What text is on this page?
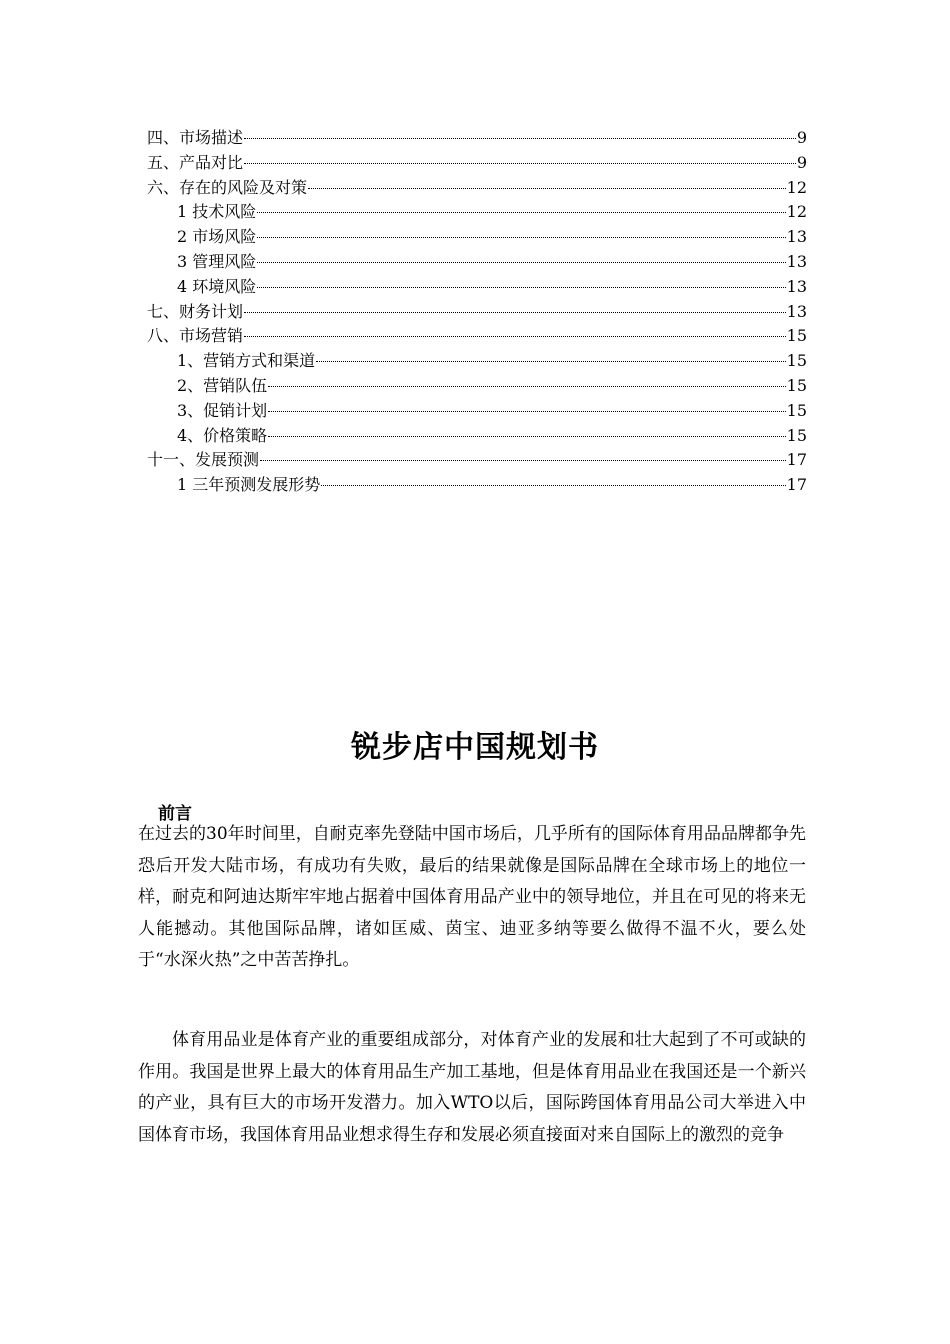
四、市场描述	9
五、产品对比	9
六、存在的风险及对策	12
1 技术风险	12
2 市场风险	13
3 管理风险	13
4 环境风险	13
七、财务计划	13
八、市场营销	15
1、营销方式和渠道	15
2、营销队伍	15
3、促销计划	15
4、价格策略	15
十一、发展预测	17
1 三年预测发展形势	17
锐步店中国规划书
前言
在过去的30年时间里，自耐克率先登陆中国市场后，几乎所有的国际体育用品品牌都争先恐后开发大陆市场，有成功有失败，最后的结果就像是国际品牌在全球市场上的地位一样，耐克和阿迪达斯牢牢地占据着中国体育用品产业中的领导地位，并且在可见的将来无人能撼动。其他国际品牌，诸如匡威、茵宝、迪亚多纳等要么做得不温不火，要么处于“水深火热”之中苦苦挣扎。
体育用品业是体育产业的重要组成部分，对体育产业的发展和壮大起到了不可或缺的作用。我国是世界上最大的体育用品生产加工基地，但是体育用品业在我国还是一个新兴的产业，具有巨大的市场开发潜力。加入WTO以后，国际跨国体育用品公司大举进入中国体育市场，我国体育用品业想求得生存和发展必须直接面对来自国际上的激烈的竞争
